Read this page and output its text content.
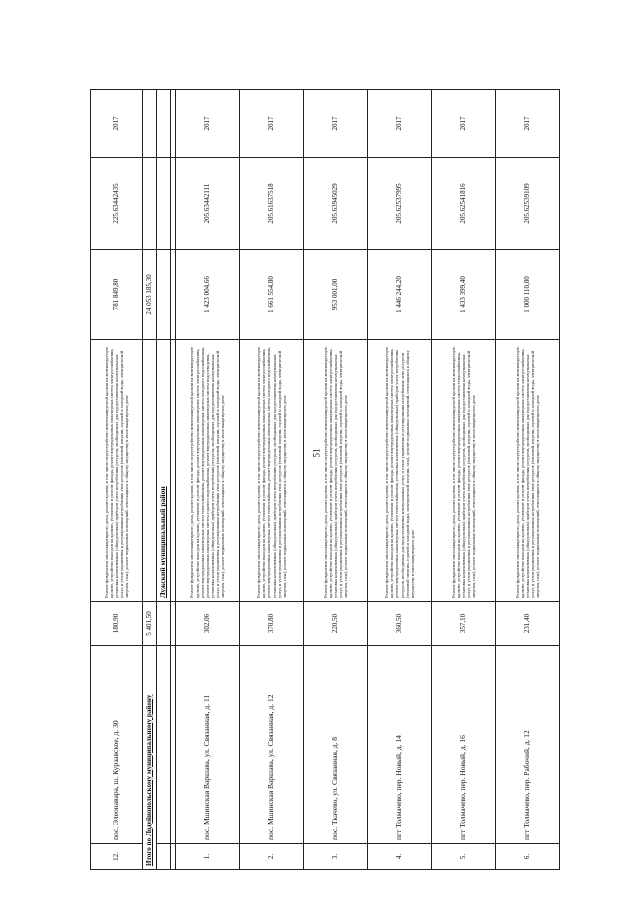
51
12.	пос. Элеонавара, ш. Курзавское, д. 30	180,90	Ремонт фундамента многоквартирного дома, ремонт кровли, в том числе переустройство невентилируемой кровли на вентилируемую кровлю, устройство выходов на кровлю, утепление и ремонт фасада, ремонт внутридомовых инженерных систем электроснабжения, установка коллективных (общедомовых) приборов учета потребления ресурсов, необходимых для предоставления коммунальных услуг, и узлов управления и регулирования потребления этих ресурсов (тепловой энергии, горячей и холодной воды, электрической энергии, газа), ремонт подвальных помещений, относящихся к общему имуществу в многоквартирном доме	781 849,80	225.63442435	2017
Итого по Лодейнопольскому муниципальному району		5 401,50		24 053 185,30		
			Лужский муниципальный район			

1.	пос. Мшинская Варшава, ул. Связанная, д. 11	302,06	Ремонт фундамента многоквартирного дома, ремонт кровли, в том числе переустройство невентилируемой кровли на вентилируемую кровлю, устройство выходов на кровлю, утепление и ремонт фасада, ремонт внутридомовых инженерных систем электроснабжения, ремонт внутридомовых инженерных систем теплоснабжения, ремонт внутридомовых инженерных систем холодного водоснабжения, ремонт внутридомовых инженерных систем горячего водоснабжения, ремонт внутридомовых инженерных систем водоотведения, установка коллективных (общедомовых) приборов учета потребления ресурсов, необходимых для предоставления коммунальных услуг, и узлов управления и регулирования потребления этих ресурсов (тепловой энергии, горячей и холодной воды, электрической энергии, газа), ремонт подвальных помещений, относящихся к общему имуществу в многоквартирном доме	1 423 004,66	205.63442111	2017
2.	пос. Мшинская Варшава, ул. Связанная, д. 12	370,80	Ремонт фундамента многоквартирного дома, ремонт кровли, в том числе переустройство невентилируемой кровли на вентилируемую кровлю, устройство выходов на кровлю, утепление и ремонт фасада, ремонт внутридомовых инженерных систем электроснабжения, ремонт внутридомовых инженерных систем теплоснабжения, ремонт внутридомовых инженерных систем холодного водоснабжения, установка коллективных (общедомовых) приборов учета потребления ресурсов, необходимых для предоставления коммунальных услуг, и узлов управления и регулирования потребления этих ресурсов (тепловой энергии, горячей и холодной воды, электрической энергии, газа), ремонт подвальных помещений, относящихся к общему имуществу в многоквартирном доме	1 661 554,80	205.61637518	2017
3.	пос. Ткачево, ул. Связанная, д. 8	220,50	Ремонт фундамента многоквартирного дома, ремонт кровли, в том числе переустройство невентилируемой кровли на вентилируемую кровлю, устройство выходов на кровлю, утепление и ремонт фасада, ремонт внутридомовых инженерных систем электроснабжения, установка коллективных (общедомовых) приборов учета потребления ресурсов, необходимых для предоставления коммунальных услуг, и узлов управления и регулирования потребления этих ресурсов (тепловой энергии, горячей и холодной воды, электрической энергии, газа), ремонт подвальных помещений, относящихся к общему имуществу в многоквартирном доме	953 001,00	205.63945029	2017
4.	пгт Толмачево, пер. Новый, д. 14	360,50	Ремонт фундамента многоквартирного дома, ремонт кровли, в том числе переустройство невентилируемой кровли на вентилируемую кровлю, устройство выходов на кровлю, утепление и ремонт фасада, ремонт внутридомовых инженерных систем электроснабжения, ремонт внутридомовых инженерных систем теплоснабжения, установка коллективных (общедомовых) приборов учета потребления ресурсов, необходимых для предоставления коммунальных услуг, и узлов управления и регулирования потребления этих ресурсов (тепловой энергии, горячей и холодной воды, электрической энергии, газа), ремонт подвальных помещений, относящихся к общему имуществу в многоквартирном доме	1 446 244,20	205.62537995	2017
5.	пгт Толмачево, пер. Новый, д. 16	357,10	Ремонт фундамента многоквартирного дома, ремонт кровли, в том числе переустройство невентилируемой кровли на вентилируемую кровлю, устройство выходов на кровлю, утепление и ремонт фасада, ремонт внутридомовых инженерных систем теплоснабжения, установка коллективных (общедомовых) приборов учета потребления ресурсов, необходимых для предоставления коммунальных услуг, и узлов управления и регулирования потребления этих ресурсов (тепловой энергии, горячей и холодной воды, электрической энергии, газа), ремонт подвальных помещений, относящихся к общему имуществу в многоквартирном доме	1 433 399,40	205.62541816	2017
6.	пгт Толмачево, пер. Рабочий, д. 12	231,40	Ремонт фундамента многоквартирного дома, ремонт кровли, в том числе переустройство невентилируемой кровли на вентилируемую кровлю, устройство выходов на кровлю, утепление и ремонт фасада, ремонт внутридомовых инженерных систем электроснабжения, установка коллективных (общедомовых) приборов учета потребления ресурсов, необходимых для предоставления коммунальных услуг, и узлов управления и регулирования потребления этих ресурсов (тепловой энергии, горячей и холодной воды, электрической энергии, газа), ремонт подвальных помещений, относящихся к общему имуществу в многоквартирном доме	1 000 110,80	205.62539109	2017
